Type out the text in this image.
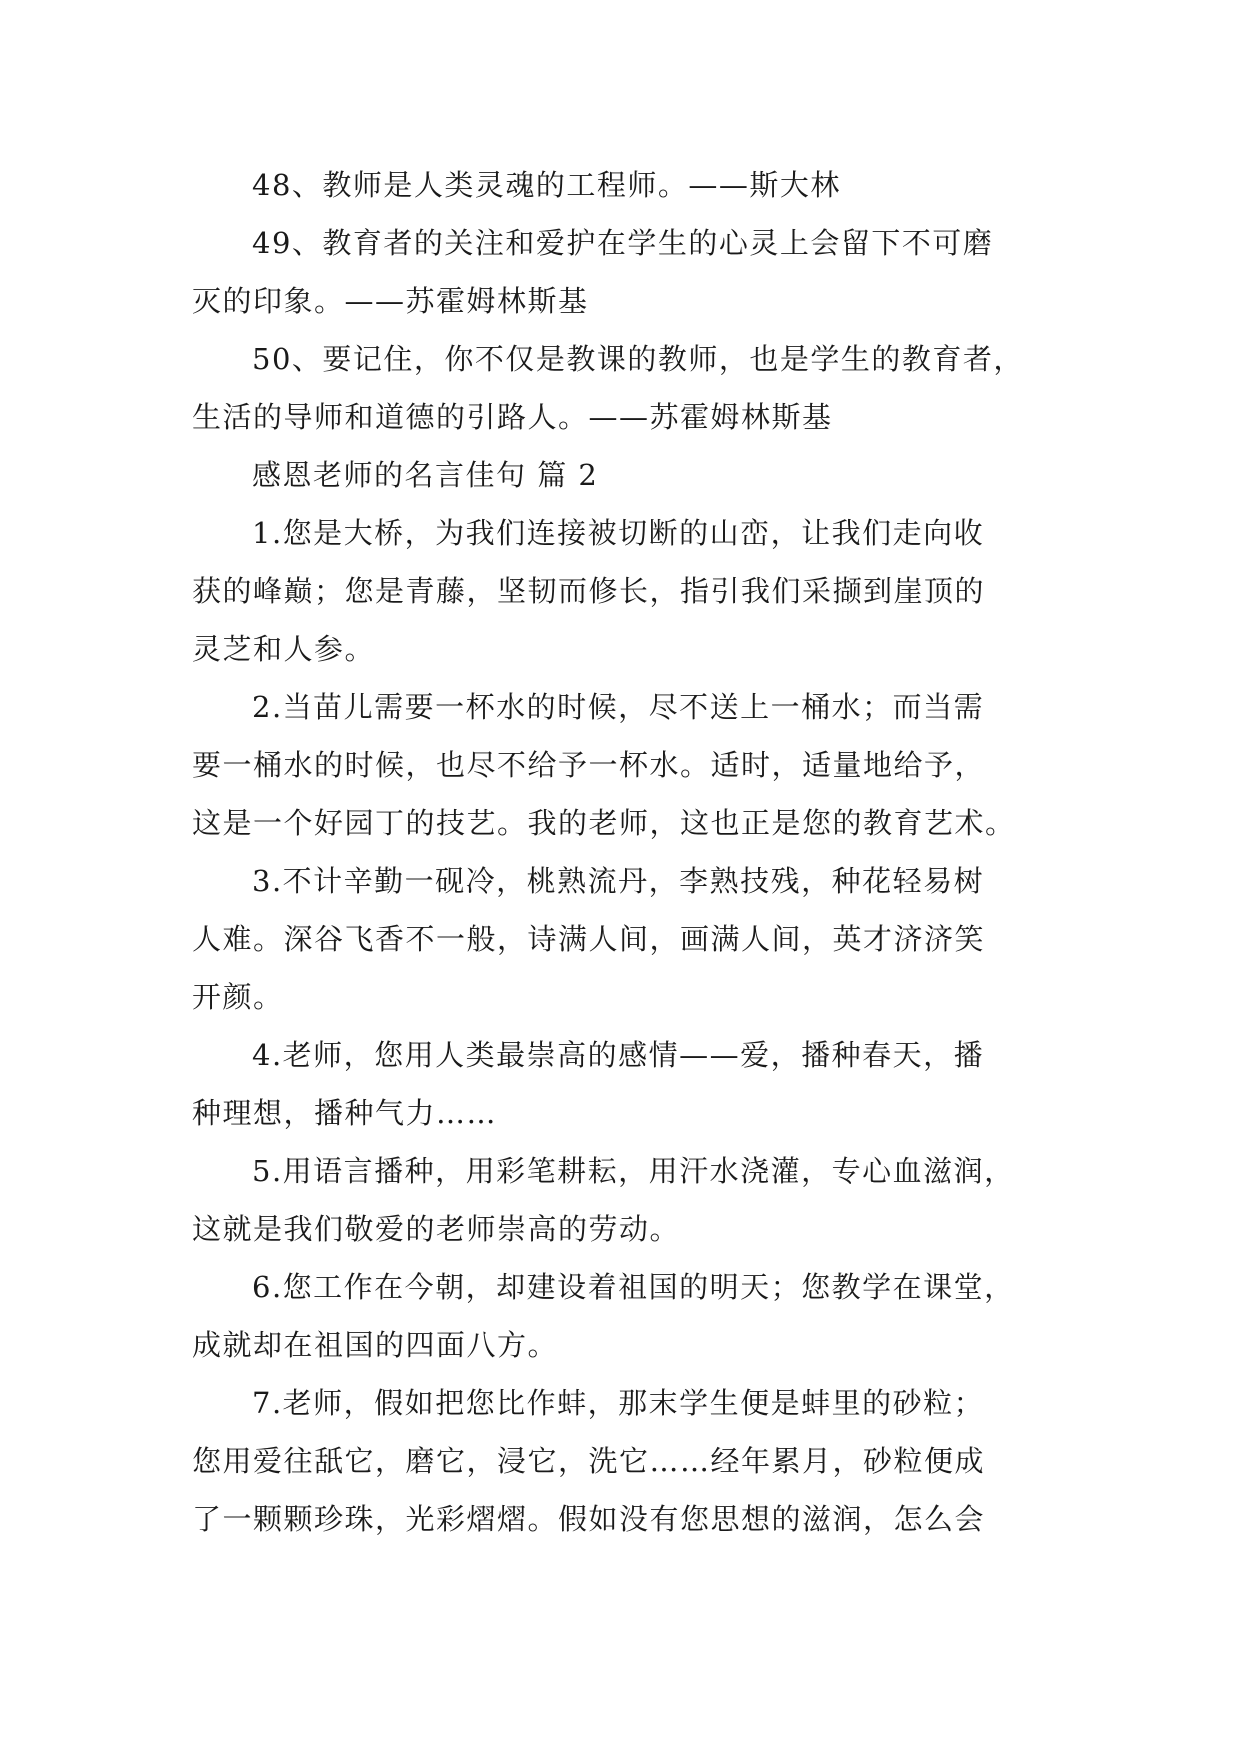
48、教师是人类灵魂的工程师。——斯大林
49、教育者的关注和爱护在学生的心灵上会留下不可磨
灭的印象。——苏霍姆林斯基
50、要记住，你不仅是教课的教师，也是学生的教育者，
生活的导师和道德的引路人。——苏霍姆林斯基
感恩老师的名言佳句 篇 2
1.您是大桥，为我们连接被切断的山峦，让我们走向收
获的峰巅；您是青藤，坚韧而修长，指引我们采撷到崖顶的
灵芝和人参。
2.当苗儿需要一杯水的时候，尽不送上一桶水；而当需
要一桶水的时候，也尽不给予一杯水。适时，适量地给予，
这是一个好园丁的技艺。我的老师，这也正是您的教育艺术。
3.不计辛勤一砚冷，桃熟流丹，李熟技残，种花轻易树
人难。深谷飞香不一般，诗满人间，画满人间，英才济济笑
开颜。
4.老师，您用人类最崇高的感情——爱，播种春天，播
种理想，播种气力……
5.用语言播种，用彩笔耕耘，用汗水浇灌，专心血滋润，
这就是我们敬爱的老师崇高的劳动。
6.您工作在今朝，却建设着祖国的明天；您教学在课堂，
成就却在祖国的四面八方。
7.老师，假如把您比作蚌，那末学生便是蚌里的砂粒；
您用爱往舐它，磨它，浸它，洗它……经年累月，砂粒便成
了一颗颗珍珠，光彩熠熠。假如没有您思想的滋润，怎么会
